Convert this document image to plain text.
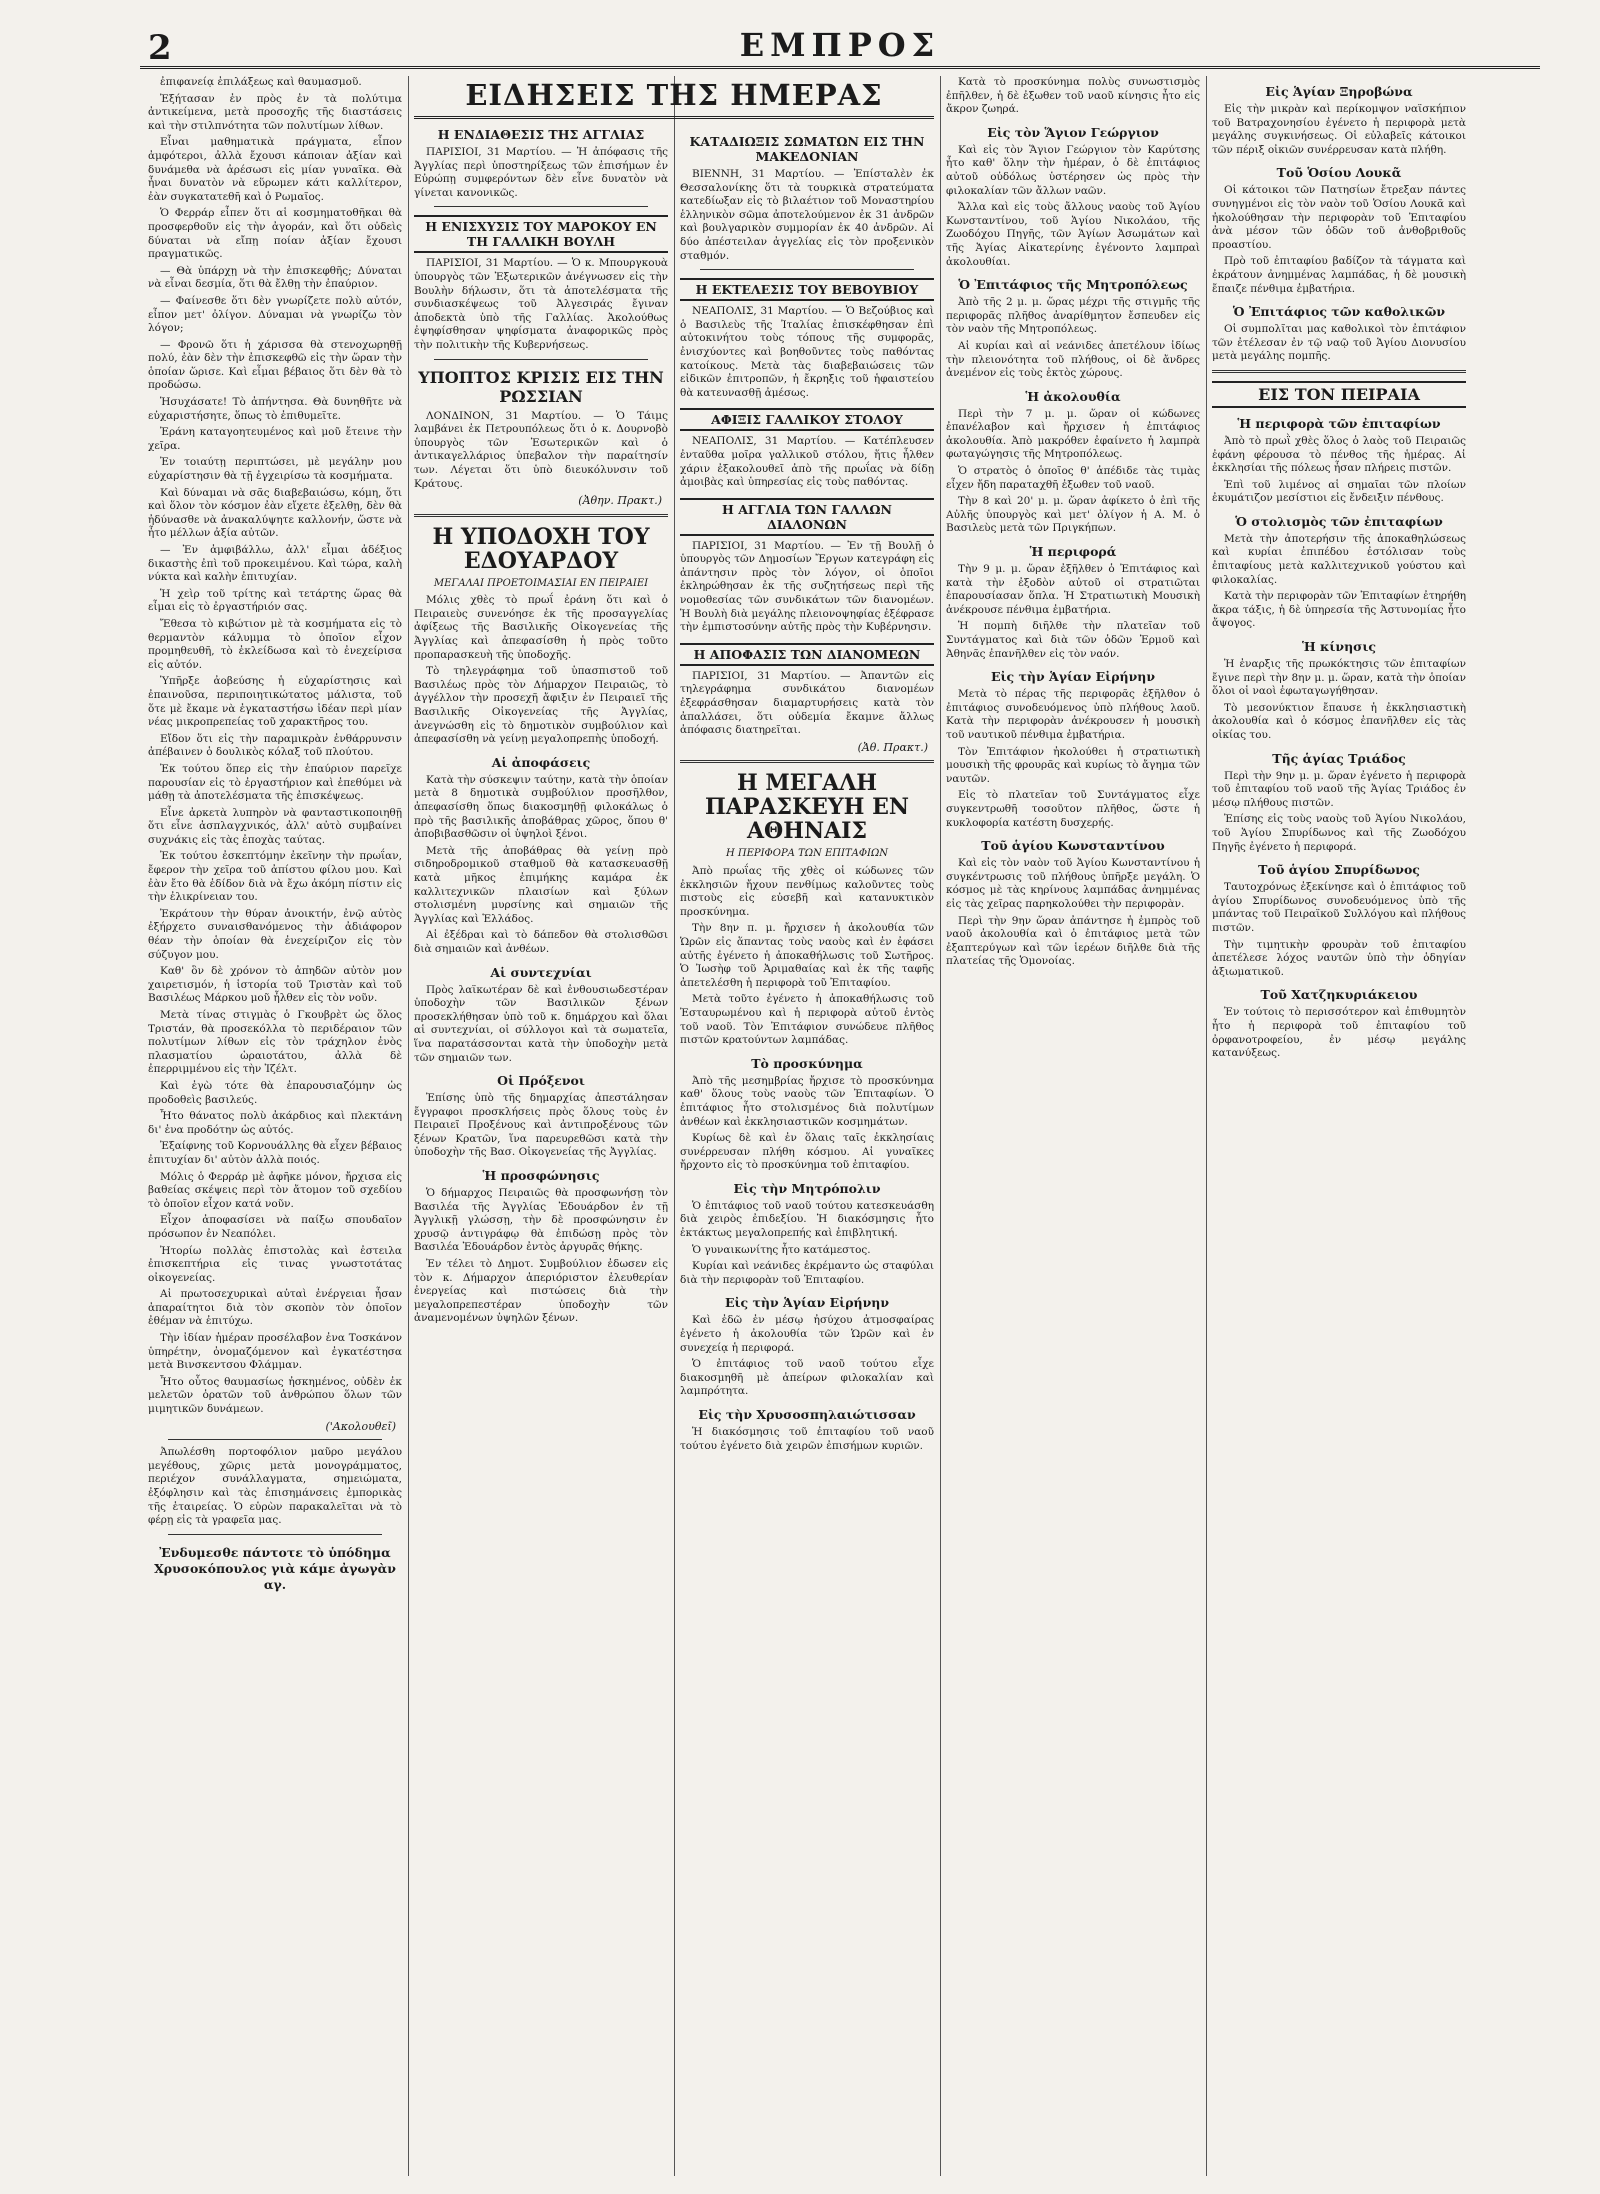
2	ΕΜΠΡΟΣ

ἐπιφανείᾳ ἐπιλάξεως καὶ θαυμασμοῦ.

Ἐξήτασαν ἐν πρὸς ἐν τὰ πολύτιμα ἀντικείμενα, μετὰ προσοχῆς τῆς διαστάσεις καὶ τὴν στιλπνότητα τῶν πολυτίμων λίθων.

Εἶναι μαθηματικὰ πράγματα, εἶπον ἀμφότεροι, ἀλλὰ ἔχουσι κάποιαν ἀξίαν καὶ δυνάμεθα νὰ ἀρέσωσι εἰς μίαν γυναῖκα. Θὰ ἦναι δυνατὸν νὰ εὕρωμεν κάτι καλλίτερον, ἐὰν συγκατατεθῆ καὶ ὁ Ρωμαῖος.

Ὁ Φερράρ εἶπεν ὅτι αἱ κοσμηματοθῆκαι θὰ προσφερθοῦν εἰς τὴν ἀγοράν, καὶ ὅτι οὐδεὶς δύναται νὰ εἴπῃ ποίαν ἀξίαν ἔχουσι πραγματικῶς.

— Θὰ ὑπάρχῃ νὰ τὴν ἐπισκεφθῆς; Δύναται νὰ εἶναι δεσμία, ὅτι θὰ ἔλθῃ τὴν ἐπαύριον.

— Φαίνεσθε ὅτι δὲν γνωρίζετε πολὺ αὐτόν, εἶπον μετ' ὀλίγον. Δύναμαι νὰ γνωρίζω τὸν λόγον;

— Φρονῶ ὅτι ἡ χάρισσα θὰ στενοχωρηθῇ πολύ, ἐὰν δὲν τὴν ἐπισκεφθῶ εἰς τὴν ὥραν τὴν ὁποίαν ὥρισε. Καὶ εἶμαι βέβαιος ὅτι δὲν θὰ τὸ προδώσω.

Ἡσυχάσατε! Τὸ ἀπήντησα. Θὰ δυνηθῆτε νὰ εὐχαριστήσητε, ὅπως τὸ ἐπιθυμεῖτε.

Ἐράνη καταγοητευμένος καὶ μοῦ ἔτεινε τὴν χεῖρα.

Ἐν τοιαύτῃ περιπτώσει, μὲ μεγάλην μου εὐχαρίστησιν θὰ τῇ ἐγχειρίσω τὰ κοσμήματα.

Καὶ δύναμαι νὰ σᾶς διαβεβαιώσω, κόμη, ὅτι καὶ ὅλον τὸν κόσμον ἐὰν εἴχετε ἐξελθῃ, δὲν θὰ ἠδύνασθε νὰ ἀνακαλύψητε καλλονήν, ὥστε νὰ ἦτο μέλλων ἀξία αὐτῶν.

— Ἐν ἀμφιβάλλω, ἀλλ' εἶμαι ἀδέξιος δικαστὴς ἐπὶ τοῦ προκειμένου. Καὶ τώρα, καλὴ νύκτα καὶ καλὴν ἐπιτυχίαν.

Ἡ χεὶρ τοῦ τρίτης καὶ τετάρτης ὥρας θὰ εἶμαι εἰς τὸ ἐργαστήριόν σας.

Ἔθεσα τὸ κιβώτιον μὲ τὰ κοσμήματα εἰς τὸ θερμαντὸν κάλυμμα τὸ ὁποῖον εἶχον προμηθευθῆ, τὸ ἐκλείδωσα καὶ τὸ ἐνεχείρισα εἰς αὐτόν.

Ὑπῆρξε ἀοβεύσης ἡ εὐχαρίστησις καὶ ἐπαινοῦσα, περιποιητικώτατος μάλιστα, τοῦ ὅτε μὲ ἔκαμε νὰ ἐγκαταστήσω ἰδέαν περὶ μίαν νέας μικροπρεπείας τοῦ χαρακτῆρος του.

Εἴδον ὅτι εἰς τὴν παραμικρὰν ἐνθάρρυνσιν ἀπέβαινεν ὁ δουλικὸς κόλαξ τοῦ πλούτου.

Ἐκ τούτου ὅπερ εἰς τὴν ἐπαύριον παρεῖχε παρουσίαν εἰς τὸ ἐργαστήριον καὶ ἐπεθύμει νὰ μάθῃ τὰ ἀποτελέσματα τῆς ἐπισκέψεως.

Εἶνε ἀρκετὰ λυπηρὸν νὰ φανταστικοποιηθῇ ὅτι εἶνε ἀσπλαγχνικός, ἀλλ' αὐτὸ συμβαίνει συχνάκις εἰς τὰς ἐποχὰς ταύτας.

Ἐκ τούτου ἐσκεπτόμην ἐκεῖνην τὴν πρωΐαν, ἔφερον τὴν χεῖρα τοῦ ἀπίστου φίλου μου. Καὶ ἐὰν ἔτο θὰ ἐδίδον διὰ νὰ ἔχω ἀκόμη πίστιν εἰς τὴν ἐλικρίνειαν του.

Ἐκράτουν τὴν θύραν ἀνοικτήν, ἐνῷ αὐτὸς ἐξήρχετο συναισθανόμενος τὴν ἀδιάφορον θέαν τὴν ὁποίαν θὰ ἐνεχείριζον εἰς τὸν σύζυγον μου.

Καθ' ὃν δὲ χρόνον τὸ ἀπηδῶν αὐτὸν μον χαιρετισμόν, ἡ ἱστορία τοῦ Τριστὰν καὶ τοῦ Βασιλέως Μάρκου μοῦ ἦλθεν εἰς τὸν νοῦν.

Μετὰ τίνας στιγμὰς ὁ Γκουβρὲτ ὡς ὅλος Τριστάν, θὰ προσεκόλλα τὸ περιδέραιον τῶν πολυτίμων λίθων εἰς τὸν τράχηλον ἐνὸς πλασματίου ὡραιοτάτου, ἀλλὰ δὲ ἐπερριμμένου εἰς τὴν Ἰζέλτ.

Καὶ ἐγὼ τότε θὰ ἐπαρουσιαζόμην ὡς προδοθεὶς βασιλεύς.

Ἦτο θάνατος πολὺ ἀκάρδιος καὶ πλεκτάνη δι' ἐνα προδότην ὡς αὐτός.

Ἐξαίφνης τοῦ Κορνουάλλης θὰ εἶχεν βέβαιος ἐπιτυχίαν δι' αὐτὸν ἀλλὰ ποιός.

Μόλις ὁ Φερράρ μὲ ἀφῆκε μόνον, ἤρχισα εἰς βαθείας σκέψεις περὶ τὸν ἄτομον τοῦ σχεδίου τὸ ὁποῖον εἶχον κατά νοῦν.

Εἶχον ἀποφασίσει νὰ παίξω σπουδαῖον πρόσωπον ἐν Νεαπόλει.

Ἠτορίω πολλὰς ἐπιστολὰς καὶ ἐστειλα ἐπισκεπτήρια εἰς τινας γνωστοτάτας οἰκογενείας.

Αἱ πρωτοσεχυρικαὶ αὐταὶ ἐνέργειαι ἦσαν ἀπαραίτητοι διὰ τὸν σκοπὸν τὸν ὁποῖον ἐθέμαν νὰ ἐπιτύχω.

Τὴν ἰδίαν ἡμέραν προσέλαβον ἐνα Τοσκάνον ὑπηρέτην, ὀνομαζόμενον καὶ ἐγκατέστησα μετὰ Βινσκεντσου Φλάμμαν.

Ἦτο οὗτος θαυμασίως ἠσκημένος, οὐδὲν ἐκ μελετῶν ὁρατῶν τοῦ ἀνθρώπου ὅλων τῶν μιμητικῶν δυνάμεων.

('Ακολουθεῖ)

Ἀπωλέσθη πορτοφόλιον μαῦρο μεγάλου μεγέθους, χῶρις μετὰ μονογράμματος, περιέχον συνάλλαγματα, σημειώματα, ἐξόφλησιν καὶ τὰς ἐπισημάνσεις ἐμπορικὰς τῆς ἑταιρείας. Ὁ εὑρὼν παρακαλεῖται νὰ τὸ φέρῃ εἰς τὰ γραφεῖα μας.

Ἐνδυμεσθε πάντοτε τὸ ὑπόδημα Χρυσοκόπουλος γιὰ κάμε ἀγωγὰν αγ.
ΕΙΔΗΣΕΙΣ ΤΗΣ ΗΜΕΡΑΣ
Η ΕΝΔΙΑΘΕΣΙΣ ΤΗΣ ΑΓΓΛΙΑΣ

ΠΑΡΙΣΙΟΙ, 31 Μαρτίου. — Ἡ ἀπόφασις τῆς Ἀγγλίας περὶ ὑποστηρίξεως τῶν ἐπισήμων ἐν Εὐρώπῃ συμφερόντων δὲν εἶνε δυνατὸν νὰ γίνεται κανονικῶς.

Η ΕΝΙΣΧΥΣΙΣ ΤΟΥ ΜΑΡΟΚΟΥ ΕΝ ΤΗ ΓΑΛΛΙΚΗ ΒΟΥΛΗ

ΠΑΡΙΣΙΟΙ, 31 Μαρτίου. — Ὁ κ. Μπουργκουὰ ὑπουργὸς τῶν Ἐξωτερικῶν ἀνέγνωσεν εἰς τὴν Βουλὴν δήλωσιν, ὅτι τὰ ἀποτελέσματα τῆς συνδιασκέψεως τοῦ Ἀλγεσιράς ἔγιναν ἀποδεκτὰ ὑπὸ τῆς Γαλλίας. Ἀκολούθως ἐψηφίσθησαν ψηφίσματα ἀναφορικῶς πρὸς τὴν πολιτικὴν τῆς Κυβερνήσεως.

ΥΠΟΠΤΟΣ ΚΡΙΣΙΣ ΕΙΣ ΤΗΝ ΡΩΣΣΙΑΝ

ΛΟΝΔΙΝΟΝ, 31 Μαρτίου. — Ὁ Τάιμς λαμβάνει ἐκ Πετρουπόλεως ὅτι ὁ κ. Δουρνοβὸ ὑπουργὸς τῶν Ἐσωτερικῶν καὶ ὁ ἀντικαγελλάριος ὑπεβαλον τὴν παραίτησίν των. Λέγεται ὅτι ὑπὸ διευκόλυνσιν τοῦ Κράτους.

(Ἀθην. Πρακτ.)
Η ΥΠΟΔΟΧΗ ΤΟΥ ΕΔΟΥΑΡΔΟΥ
ΜΕΓΑΛΑΙ ΠΡΟΕΤΟΙΜΑΣΙΑΙ ΕΝ ΠΕΙΡΑΙΕΙ

Μόλις χθὲς τὸ πρωΐ ἐράνη ὅτι καὶ ὁ Πειραιεὺς συνενόησε ἐκ τῆς προσαγγελίας ἀφίξεως τῆς Βασιλικῆς Οἰκογενείας τῆς Ἀγγλίας καὶ ἀπεφασίσθη ἡ πρὸς τοῦτο προπαρασκευὴ τῆς ὑποδοχῆς.

Τὸ τηλεγράφημα τοῦ ὑπασπιστοῦ τοῦ Βασιλέως πρὸς τὸν Δήμαρχον Πειραιῶς, τὸ ἀγγέλλον τὴν προσεχῆ ἄφιξιν ἐν Πειραιεῖ τῆς Βασιλικῆς Οἰκογενείας τῆς Ἀγγλίας, ἀνεγνώσθη εἰς τὸ δημοτικὸν συμβούλιον καὶ ἀπεφασίσθη νὰ γείνῃ μεγαλοπρεπὴς ὑποδοχή.

Αἱ ἀποφάσεις

Κατὰ τὴν σύσκεψιν ταύτην, κατὰ τὴν ὁποίαν μετὰ 8 δημοτικὰ συμβούλιον προσῆλθον, ἀπεφασίσθη ὅπως διακοσμηθῇ φιλοκάλως ὁ πρὸ τῆς βασιλικῆς ἀποβάθρας χῶρος, ὅπου θ' ἀποβιβασθῶσιν οἱ ὑψηλοὶ ξένοι.

Μετὰ τῆς ἀποβάθρας θὰ γείνῃ πρὸ σιδηροδρομικοῦ σταθμοῦ θὰ κατασκευασθῇ κατὰ μῆκος ἐπιμήκης καμάρα ἐκ καλλιτεχνικῶν πλαισίων καὶ ξύλων στολισμένη μυρσίνης καὶ σημαιῶν τῆς Ἀγγλίας καὶ Ἑλλάδος.

Αἱ ἐξέδραι καὶ τὸ δάπεδον θὰ στολισθῶσι διὰ σημαιῶν καὶ ἀνθέων.

Αἱ συντεχνίαι

Πρὸς λαϊκωτέραν δὲ καὶ ἐνθουσιωδεστέραν ὑποδοχὴν τῶν Βασιλικῶν ξένων προσεκλήθησαν ὑπὸ τοῦ κ. δημάρχου καὶ ὅλαι αἱ συντεχνίαι, οἱ σύλλογοι καὶ τὰ σωματεῖα, ἵνα παρατάσσονται κατὰ τὴν ὑποδοχὴν μετὰ τῶν σημαιῶν των.

Οἱ Πρόξενοι

Ἐπίσης ὑπὸ τῆς δημαρχίας ἀπεστάλησαν ἔγγραφοι προσκλήσεις πρὸς ὅλους τοὺς ἐν Πειραιεῖ Προξένους καὶ ἀντιπροξένους τῶν ξένων Κρατῶν, ἵνα παρευρεθῶσι κατὰ τὴν ὑποδοχὴν τῆς Βασ. Οἰκογενείας τῆς Ἀγγλίας.

Ἡ προσφώνησις

Ὁ δήμαρχος Πειραιῶς θὰ προσφωνήσῃ τὸν Βασιλέα τῆς Ἀγγλίας Ἐδουάρδον ἐν τῇ Ἀγγλικῇ γλώσσῃ, τὴν δὲ προσφώνησιν ἐν χρυσῷ ἀντιγράφῳ θὰ ἐπιδώσῃ πρὸς τὸν Βασιλέα Ἐδουάρδον ἐντὸς ἀργυρᾶς θήκης.

Ἐν τέλει τὸ Δημοτ. Συμβούλιον ἐδωσεν εἰς τὸν κ. Δήμαρχον ἀπεριόριστον ἐλευθερίαν ἐνεργείας καὶ πιστώσεις διὰ τὴν μεγαλοπρεπεστέραν ὑποδοχὴν τῶν ἀναμενομένων ὑψηλῶν ξένων.

ΚΑΤΑΔΙΩΞΙΣ ΣΩΜΑΤΩΝ ΕΙΣ ΤΗΝ ΜΑΚΕΔΟΝΙΑΝ

ΒΙΕΝΝΗ, 31 Μαρτίου. — Ἐπίσταλὲν ἐκ Θεσσαλονίκης ὅτι τὰ τουρκικὰ στρατεύματα κατεδίωξαν εἰς τὸ βιλαέτιον τοῦ Μοναστηρίου ἑλληνικὸν σῶμα ἀποτελούμενον ἐκ 31 ἀνδρῶν καὶ βουλγαρικὸν συμμορίαν ἐκ 40 ἀνδρῶν. Αἱ δύο ἀπέστειλαν ἀγγελίας εἰς τὸν προξενικὸν σταθμόν.

Η ΕΚΤΕΛΕΣΙΣ ΤΟΥ ΒΕΒΟΥΒΙΟΥ

ΝΕΑΠΟΛΙΣ, 31 Μαρτίου. — Ὁ Βεζούβιος καὶ ὁ Βασιλεὺς τῆς Ἰταλίας ἐπισκέφθησαν ἐπὶ αὐτοκινήτου τοὺς τόπους τῆς συμφορᾶς, ἐνισχύοντες καὶ βοηθοῦντες τοὺς παθόντας κατοίκους. Μετὰ τὰς διαβεβαιώσεις τῶν εἰδικῶν ἐπιτροπῶν, ἡ ἔκρηξις τοῦ ἡφαιστείου θὰ κατευνασθῇ ἀμέσως.

ΑΦΙΞΙΣ ΓΑΛΛΙΚΟΥ ΣΤΟΛΟΥ

ΝΕΑΠΟΛΙΣ, 31 Μαρτίου. — Κατέπλευσεν ἐνταῦθα μοῖρα γαλλικοῦ στόλου, ἥτις ἦλθεν χάριν ἐξακολουθεῖ ἀπὸ τῆς πρωΐας νὰ δίδῃ ἀμοιβὰς καὶ ὑπηρεσίας εἰς τοὺς παθόντας.

Η ΑΓΓΛΙΑ ΤΩΝ ΓΑΛΛΩΝ ΔΙΑΛΟΝΩΝ

ΠΑΡΙΣΙΟΙ, 31 Μαρτίου. — Ἐν τῇ Βουλῇ ὁ ὑπουργὸς τῶν Δημοσίων Ἔργων κατεγράφη εἰς ἀπάντησιν πρὸς τὸν λόγον, οἱ ὁποῖοι ἐκληρώθησαν ἐκ τῆς συζητήσεως περὶ τῆς νομοθεσίας τῶν συνδικάτων τῶν διανομέων. Ἡ Βουλὴ διὰ μεγάλης πλειονοψηφίας ἐξέφρασε τὴν ἐμπιστοσύνην αὐτῆς πρὸς τὴν Κυβέρνησιν.

Η ΑΠΟΦΑΣΙΣ ΤΩΝ ΔΙΑΝΟΜΕΩΝ

ΠΑΡΙΣΙΟΙ, 31 Μαρτίου. — Ἀπαντῶν εἰς τηλεγράφημα συνδικάτου διανομέων ἐξεφράσθησαν διαμαρτυρήσεις κατὰ τὸν ἀπαλλάσει, ὅτι οὐδεμία ἔκαμνε ἄλλως ἀπόφασις διατηρεῖται.

(Ἀθ. Πρακτ.)
Η ΜΕΓΑΛΗ ΠΑΡΑΣΚΕΥΗ ΕΝ ΑΘΗΝΑΙΣ
Η ΠΕΡΙΦΟΡΑ ΤΩΝ ΕΠΙΤΑΦΙΩΝ

Ἀπὸ πρωΐας τῆς χθὲς οἱ κώδωνες τῶν ἐκκλησιῶν ἤχουν πενθίμως καλοῦντες τοὺς πιστοὺς εἰς εὐσεβῆ καὶ κατανυκτικὸν προσκύνημα.

Τὴν 8ην π. μ. ἤρχισεν ἡ ἀκολουθία τῶν Ὡρῶν εἰς ἅπαντας τοὺς ναοὺς καὶ ἐν ἐφάσει αὐτῆς ἐγένετο ἡ ἀποκαθήλωσις τοῦ Σωτῆρος. Ὁ Ἰωσὴφ τοῦ Ἀριμαθαίας καὶ ἐκ τῆς ταφῆς ἀπετελέσθη ἡ περιφορὰ τοῦ Ἐπιταφίου.

Μετὰ τοῦτο ἐγένετο ἡ ἀποκαθήλωσις τοῦ Ἐσταυρωμένου καὶ ἡ περιφορὰ αὐτοῦ ἐντὸς τοῦ ναοῦ. Τὸν Ἐπιτάφιον συνώδευε πλῆθος πιστῶν κρατούντων λαμπάδας.

Τὸ προσκύνημα

Ἀπὸ τῆς μεσημβρίας ἤρχισε τὸ προσκύνημα καθ' ὅλους τοὺς ναοὺς τῶν Ἐπιταφίων. Ὁ ἐπιτάφιος ἦτο στολισμένος διὰ πολυτίμων ἀνθέων καὶ ἐκκλησιαστικῶν κοσμημάτων.

Κυρίως δὲ καὶ ἐν ὅλαις ταῖς ἐκκλησίαις συνέρρευσαν πλήθη κόσμου. Αἱ γυναῖκες ἤρχοντο εἰς τὸ προσκύνημα τοῦ ἐπιταφίου.

Εἰς τὴν Μητρόπολιν

Ὁ ἐπιτάφιος τοῦ ναοῦ τούτου κατεσκευάσθη διὰ χειρὸς ἐπιδεξίου. Ἡ διακόσμησις ἦτο ἐκτάκτως μεγαλοπρεπής καὶ ἐπιβλητική.

Ὁ γυναικωνίτης ἦτο κατάμεστος.

Κυρίαι καὶ νεάνιδες ἐκρέμαντο ὡς σταφύλαι διὰ τὴν περιφορὰν τοῦ Ἐπιταφίου.

Εἰς τὴν Ἁγίαν Εἰρήνην

Καὶ ἐδῶ ἐν μέσῳ ἠσύχου ἀτμοσφαίρας ἐγένετο ἡ ἀκολουθία τῶν Ὡρῶν καὶ ἐν συνεχείᾳ ἡ περιφορά.

Ὁ ἐπιτάφιος τοῦ ναοῦ τούτου εἶχε διακοσμηθῆ μὲ ἀπείρων φιλοκαλίαν καὶ λαμπρότητα.

Εἰς τὴν Χρυσοσπηλαιώτισσαν

Ἡ διακόσμησις τοῦ ἐπιταφίου τοῦ ναοῦ τούτου ἐγένετο διὰ χειρῶν ἐπισήμων κυριῶν.

Κατὰ τὸ προσκύνημα πολὺς συνωστισμὸς ἐπῆλθεν, ἡ δὲ ἐξωθεν τοῦ ναοῦ κίνησις ἦτο εἰς ἄκρον ζωηρά.

Εἰς τὸν Ἅγιον Γεώργιον

Καὶ εἰς τὸν Ἅγιον Γεώργιον τὸν Καρύτσης ἦτο καθ' ὅλην τὴν ἡμέραν, ὁ δὲ ἐπιτάφιος αὐτοῦ οὐδόλως ὑστέρησεν ὡς πρὸς τὴν φιλοκαλίαν τῶν ἄλλων ναῶν.

Ἄλλα καὶ εἰς τοὺς ἄλλους ναοὺς τοῦ Ἁγίου Κωνσταντίνου, τοῦ Ἁγίου Νικολάου, τῆς Ζωοδόχου Πηγῆς, τῶν Ἁγίων Ἀσωμάτων καὶ τῆς Ἁγίας Αἰκατερίνης ἐγένοντο λαμπραὶ ἀκολουθίαι.

Ὁ Ἐπιτάφιος τῆς Μητροπόλεως

Ἀπὸ τῆς 2 μ. μ. ὥρας μέχρι τῆς στιγμῆς τῆς περιφορᾶς πλῆθος ἀναρίθμητον ἔσπευδεν εἰς τὸν ναὸν τῆς Μητροπόλεως.

Αἱ κυρίαι καὶ αἱ νεάνιδες ἀπετέλουν ἰδίως τὴν πλειονότητα τοῦ πλήθους, οἱ δὲ ἄνδρες ἀνεμένον εἰς τοὺς ἐκτὸς χώρους.

Ἡ ἀκολουθία

Περὶ τὴν 7 μ. μ. ὥραν οἱ κώδωνες ἐπανέλαβον καὶ ἤρχισεν ἡ ἐπιτάφιος ἀκολουθία. Ἀπὸ μακρόθεν ἐφαίνετο ἡ λαμπρὰ φωταγώγησις τῆς Μητροπόλεως.

Ὁ στρατὸς ὁ ὁποῖος θ' ἀπέδιδε τὰς τιμὰς εἶχεν ἤδη παραταχθῆ ἐξωθεν τοῦ ναοῦ.

Τὴν 8 καὶ 20' μ. μ. ὥραν ἀφίκετο ὁ ἐπὶ τῆς Αὐλῆς ὑπουργὸς καὶ μετ' ὀλίγον ἡ Α. Μ. ὁ Βασιλεὺς μετὰ τῶν Πριγκήπων.

Ἡ περιφορά

Τὴν 9 μ. μ. ὥραν ἐξῆλθεν ὁ Ἐπιτάφιος καὶ κατὰ τὴν ἐξοδὸν αὐτοῦ οἱ στρατιῶται ἐπαρουσίασαν ὅπλα. Ἡ Στρατιωτικὴ Μουσικὴ ἀνέκρουσε πένθιμα ἐμβατήρια.

Ἡ πομπὴ διῆλθε τὴν πλατεῖαν τοῦ Συντάγματος καὶ διὰ τῶν ὁδῶν Ἑρμοῦ καὶ Ἀθηνᾶς ἐπανῆλθεν εἰς τὸν ναόν.

Εἰς τὴν Ἁγίαν Εἰρήνην

Μετὰ τὸ πέρας τῆς περιφορᾶς ἐξῆλθον ὁ ἐπιτάφιος συνοδευόμενος ὑπὸ πλήθους λαοῦ. Κατὰ τὴν περιφορὰν ἀνέκρουσεν ἡ μουσικὴ τοῦ ναυτικοῦ πένθιμα ἐμβατήρια.

Τὸν Ἐπιτάφιον ἠκολούθει ἡ στρατιωτικὴ μουσικὴ τῆς φρουρᾶς καὶ κυρίως τὸ ἄγημα τῶν ναυτῶν.

Εἰς τὸ πλατεῖαν τοῦ Συντάγματος εἶχε συγκεντρωθῆ τοσοῦτον πλῆθος, ὥστε ἡ κυκλοφορία κατέστη δυσχερής.

Τοῦ ἁγίου Κωνσταντίνου

Καὶ εἰς τὸν ναὸν τοῦ Ἁγίου Κωνσταντίνου ἡ συγκέντρωσις τοῦ πλήθους ὑπῆρξε μεγάλη. Ὁ κόσμος μὲ τὰς κηρίνους λαμπάδας ἀνημμένας εἰς τὰς χεῖρας παρηκολούθει τὴν περιφορὰν.

Περὶ τὴν 9ην ὥραν ἀπάντησε ἡ ἐμπρὸς τοῦ ναοῦ ἀκολουθία καὶ ὁ ἐπιτάφιος μετὰ τῶν ἐξαπτερύγων καὶ τῶν ἱερέων διῆλθε διὰ τῆς πλατείας τῆς Ὁμονοίας.

Εἰς Ἁγίαν Ξηροβώνα

Εἰς τὴν μικρὰν καὶ περίκομψον ναϊσκήπιον τοῦ Βατραχονησίου ἐγένετο ἡ περιφορὰ μετὰ μεγάλης συγκινήσεως. Οἱ εὐλαβεῖς κάτοικοι τῶν πέριξ οἰκιῶν συνέρρευσαν κατὰ πλήθη.

Τοῦ Ὁσίου Λουκᾶ

Οἱ κάτοικοι τῶν Πατησίων ἔτρεξαν πάντες συνηγμένοι εἰς τὸν ναὸν τοῦ Ὁσίου Λουκᾶ καὶ ἠκολούθησαν τὴν περιφορὰν τοῦ Ἐπιταφίου ἀνὰ μέσον τῶν ὁδῶν τοῦ ἀνθοβριθοῦς προαστίου.

Πρὸ τοῦ ἐπιταφίου βαδίζον τὰ τάγματα καὶ ἐκράτουν ἀνημμένας λαμπάδας, ἡ δὲ μουσικὴ ἔπαιζε πένθιμα ἐμβατήρια.

Ὁ Ἐπιτάφιος τῶν καθολικῶν

Οἱ συμπολῖται μας καθολικοὶ τὸν ἐπιτάφιον τῶν ἐτέλεσαν ἐν τῷ ναῷ τοῦ Ἁγίου Διονυσίου μετὰ μεγάλης πομπῆς.

ΕΙΣ ΤΟΝ ΠΕΙΡΑΙΑ
Ἡ περιφορὰ τῶν ἐπιταφίων

Ἀπὸ τὸ πρωῒ χθὲς ὅλος ὁ λαὸς τοῦ Πειραιῶς ἐφάνη φέρουσα τὸ πένθος τῆς ἡμέρας. Αἱ ἐκκλησίαι τῆς πόλεως ἦσαν πλήρεις πιστῶν.

Ἐπὶ τοῦ λιμένος αἱ σημαῖαι τῶν πλοίων ἐκυμάτιζον μεσίστιοι εἰς ἔνδειξιν πένθους.

Ὁ στολισμὸς τῶν ἐπιταφίων

Μετὰ τὴν ἀποτερήσιν τῆς ἀποκαθηλώσεως καὶ κυρίαι ἐπιπέδου ἐστόλισαν τοὺς ἐπιταφίους μετὰ καλλιτεχνικοῦ γούστου καὶ φιλοκαλίας.

Κατὰ τὴν περιφορὰν τῶν Ἐπιταφίων ἐτηρήθη ἄκρα τάξις, ἡ δὲ ὑπηρεσία τῆς Ἀστυνομίας ἦτο ἄψογος.

Ἡ κίνησις

Ἡ ἐναρξις τῆς πρωκόκτησις τῶν ἐπιταφίων ἔγινε περὶ τὴν 8ην μ. μ. ὥραν, κατὰ τὴν ὁποίαν ὅλοι οἱ ναοὶ ἐφωταγωγήθησαν.

Τὸ μεσονύκτιον ἔπαυσε ἡ ἐκκλησιαστικὴ ἀκολουθία καὶ ὁ κόσμος ἐπανῆλθεν εἰς τὰς οἰκίας του.

Τῆς ἁγίας Τριάδος

Περὶ τὴν 9ην μ. μ. ὥραν ἐγένετο ἡ περιφορὰ τοῦ ἐπιταφίου τοῦ ναοῦ τῆς Ἁγίας Τριάδος ἐν μέσῳ πλήθους πιστῶν.

Ἐπίσης εἰς τοὺς ναοὺς τοῦ Ἁγίου Νικολάου, τοῦ Ἁγίου Σπυρίδωνος καὶ τῆς Ζωοδόχου Πηγῆς ἐγένετο ἡ περιφορά.

Τοῦ ἁγίου Σπυρίδωνος

Ταυτοχρόνως ἐξεκίνησε καὶ ὁ ἐπιτάφιος τοῦ ἁγίου Σπυρίδωνος συνοδευόμενος ὑπὸ τῆς μπάντας τοῦ Πειραϊκοῦ Συλλόγου καὶ πλήθους πιστῶν.

Τὴν τιμητικὴν φρουρὰν τοῦ ἐπιταφίου ἀπετέλεσε λόχος ναυτῶν ὑπὸ τὴν ὁδηγίαν ἀξιωματικοῦ.

Τοῦ Χατζηκυριάκειου

Ἐν τούτοις τὸ περισσότερον καὶ ἐπιθυμητὸν ἦτο ἡ περιφορὰ τοῦ ἐπιταφίου τοῦ ὀρφανοτροφείου, ἐν μέσῳ μεγάλης κατανύξεως.
